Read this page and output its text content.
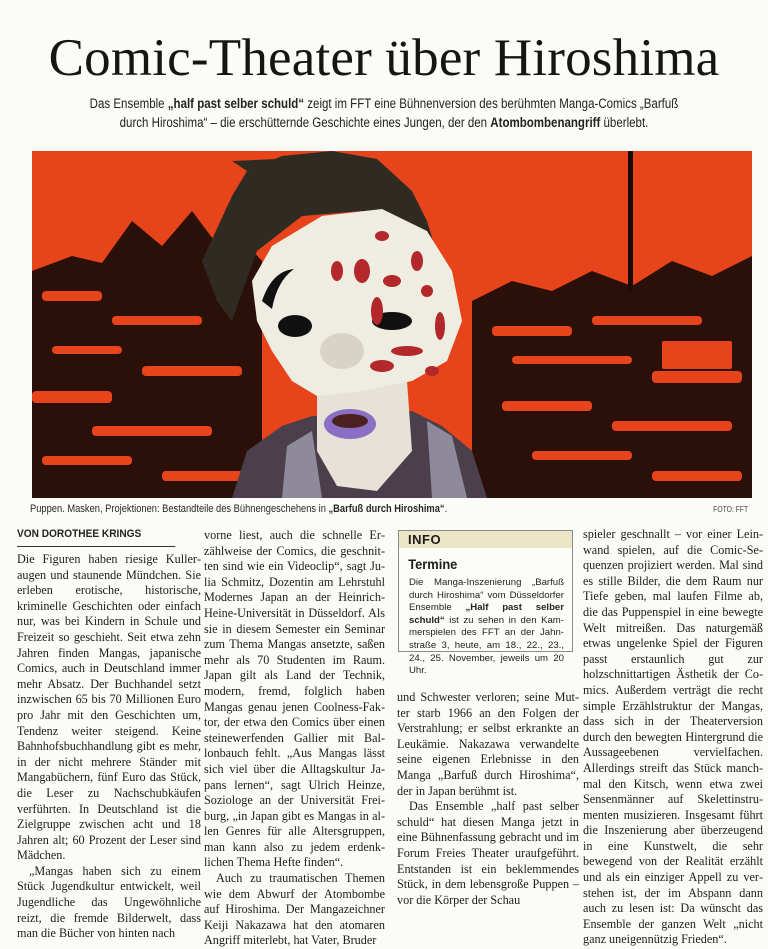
Comic-Theater über Hiroshima
Das Ensemble „half past selber schuld“ zeigt im FFT eine Bühnenversion des berühmten Manga-Comics „Barfuß durch Hiroshima“ – die erschütternde Geschichte eines Jungen, der den Atombombenangriff überlebt.
Puppen. Masken, Projektionen: Bestandteile des Bühnengeschehens in „Barfuß durch Hiroshima“.	FOTO: FFT
VON DOROTHEE KRINGS

Die Figuren haben riesige Kulleraugen und staunende Mündchen. Sie erleben erotische, historische, kriminelle Geschichten oder einfach nur, was bei Kindern in Schule und Freizeit so geschieht. Seit etwa zehn Jahren finden Mangas, japanische Comics, auch in Deutschland immer mehr Absatz. Der Buchhandel setzt inzwischen 65 bis 70 Millionen Euro pro Jahr mit den Geschichten um, Tendenz weiter steigend. Keine Bahnhofsbuchhandlung gibt es mehr, in der nicht mehrere Ständer mit Mangabüchern, fünf Euro das Stück, die Leser zu Nachschubkäufen verführten. In Deutschland ist die Zielgruppe zwischen acht und 18 Jahren alt; 60 Prozent der Leser sind Mädchen.

„Mangas haben sich zu einem Stück Jugendkultur entwickelt, weil Jugendliche das Ungewöhnliche reizt, die fremde Bilderwelt, dass man die Bücher von hinten nach

vorne liest, auch die schnelle Erzählweise der Comics, die geschnitten sind wie ein Videoclip“, sagt Julia Schmitz, Dozentin am Lehrstuhl Modernes Japan an der Heinrich-Heine-Universität in Düsseldorf. Als sie in diesem Semester ein Seminar zum Thema Mangas ansetzte, saßen mehr als 70 Studenten im Raum. Japan gilt als Land der Technik, modern, fremd, folglich haben Mangas genau jenen Coolness-Faktor, der etwa den Comics über einen steinewerfenden Gallier mit Ballonbauch fehlt. „Aus Mangas lässt sich viel über die Alltagskultur Japans lernen“, sagt Ulrich Heinze, Soziologe an der Universität Freiburg, „in Japan gibt es Mangas in allen Genres für alle Altersgruppen, man kann also zu jedem erdenklichen Thema Hefte finden“.

Auch zu traumatischen Themen wie dem Abwurf der Atombombe auf Hiroshima. Der Mangazeichner Keiji Nakazawa hat den atomaren Angriff miterlebt, hat Vater, Bruder

INFO
Termine
Die Manga-Inszenierung „Barfuß durch Hiroshima“ vom Düsseldorfer Ensemble „Half past selber schuld“ ist zu sehen in den Kammerspielen des FFT an der Jahnstraße 3, heute, am 18., 22., 23., 24., 25. November, jeweils um 20 Uhr.

und Schwester verloren; seine Mutter starb 1966 an den Folgen der Verstrahlung; er selbst erkrankte an Leukämie. Nakazawa verwandelte seine eigenen Erlebnisse in den Manga „Barfuß durch Hiroshima“, der in Japan berühmt ist.

Das Ensemble „half past selber schuld“ hat diesen Manga jetzt in eine Bühnenfassung gebracht und im Forum Freies Theater uraufgeführt. Entstanden ist ein beklemmendes Stück, in dem lebensgroße Puppen – vor die Körper der Schau

spieler geschnallt – vor einer Leinwand spielen, auf die Comic-Sequenzen projiziert werden. Mal sind es stille Bilder, die dem Raum nur Tiefe geben, mal laufen Filme ab, die das Puppenspiel in eine bewegte Welt mitreißen. Das naturgemäß etwas ungelenke Spiel der Figuren passt erstaunlich gut zur holzschnittartigen Ästhetik der Comics. Außerdem verträgt die recht simple Erzählstruktur der Mangas, dass sich in der Theaterversion durch den bewegten Hintergrund die Aussageebenen vervielfachen. Allerdings streift das Stück manchmal den Kitsch, wenn etwa zwei Sensenmänner auf Skelettinstrumenten musizieren. Insgesamt führt die Inszenierung aber überzeugend in eine Kunstwelt, die sehr bewegend von der Realität erzählt und als ein einziger Appell zu verstehen ist, der im Abspann dann auch zu lesen ist: Da wünscht das Ensemble der ganzen Welt „nicht ganz uneigennützig Frieden“.
